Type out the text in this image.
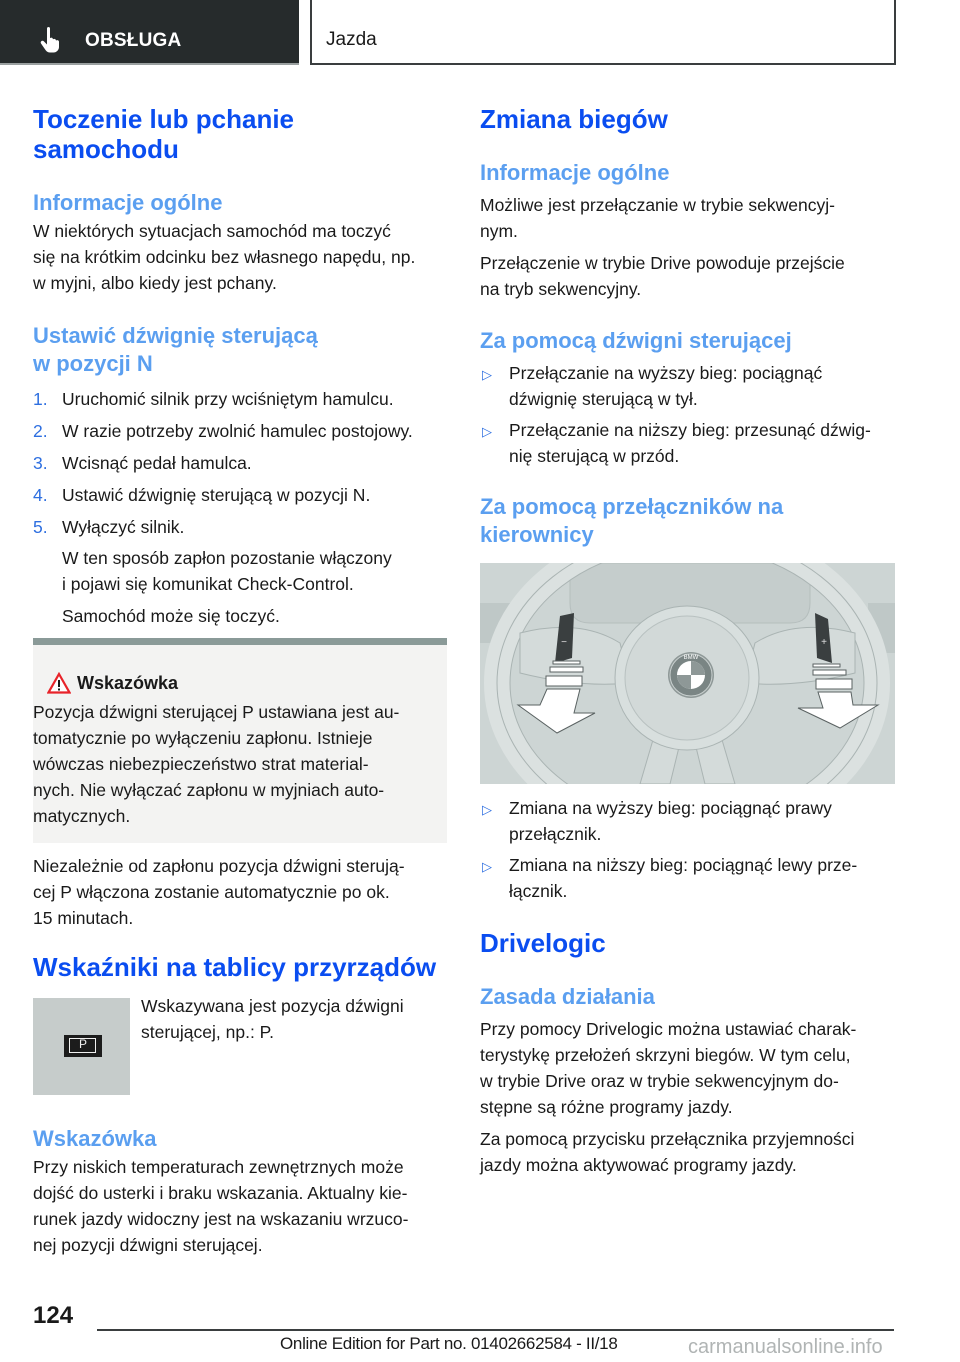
OBSŁUGA	Jazda
Toczenie lub pchanie
samochodu
Informacje ogólne
W niektórych sytuacjach samochód ma toczyć
się na krótkim odcinku bez własnego napędu, np.
w myjni, albo kiedy jest pchany.
Ustawić dźwignię sterującą
w pozycji N
1. Uruchomić silnik przy wciśniętym hamulcu.
2. W razie potrzeby zwolnić hamulec postojowy.
3. Wcisnąć pedał hamulca.
4. Ustawić dźwignię sterującą w pozycji N.
5. Wyłączyć silnik.
W ten sposób zapłon pozostanie włączony
i pojawi się komunikat Check-Control.
Samochód może się toczyć.
Wskazówka
Pozycja dźwigni sterującej P ustawiana jest au-
tomatycznie po wyłączeniu zapłonu. Istnieje
wówczas niebezpieczeństwo strat material-
nych. Nie wyłączać zapłonu w myjniach auto-
matycznych.
Niezależnie od zapłonu pozycja dźwigni sterują-
cej P włączona zostanie automatycznie po ok.
15 minutach.
Wskaźniki na tablicy przyrządów
P
Wskazywana jest pozycja dźwigni
sterującej, np.: P.
Wskazówka
Przy niskich temperaturach zewnętrznych może
dojść do usterki i braku wskazania. Aktualny kie-
runek jazdy widoczny jest na wskazaniu wrzuco-
nej pozycji dźwigni sterującej.
Zmiana biegów
Informacje ogólne
Możliwe jest przełączanie w trybie sekwencyj-
nym.
Przełączenie w trybie Drive powoduje przejście
na tryb sekwencyjny.
Za pomocą dźwigni sterującej
▷ Przełączanie na wyższy bieg: pociągnąć
dźwignię sterującą w tył.
▷ Przełączanie na niższy bieg: przesunąć dźwig-
nię sterującą w przód.
Za pomocą przełączników na
kierownicy
BMW
−	+
▷ Zmiana na wyższy bieg: pociągnąć prawy
przełącznik.
▷ Zmiana na niższy bieg: pociągnąć lewy prze-
łącznik.
Drivelogic
Zasada działania
Przy pomocy Drivelogic można ustawiać charak-
terystykę przełożeń skrzyni biegów. W tym celu,
w trybie Drive oraz w trybie sekwencyjnym do-
stępne są różne programy jazdy.
Za pomocą przycisku przełącznika przyjemności
jazdy można aktywować programy jazdy.
124
Online Edition for Part no. 01402662584 - II/18	carmanualsonline.info
